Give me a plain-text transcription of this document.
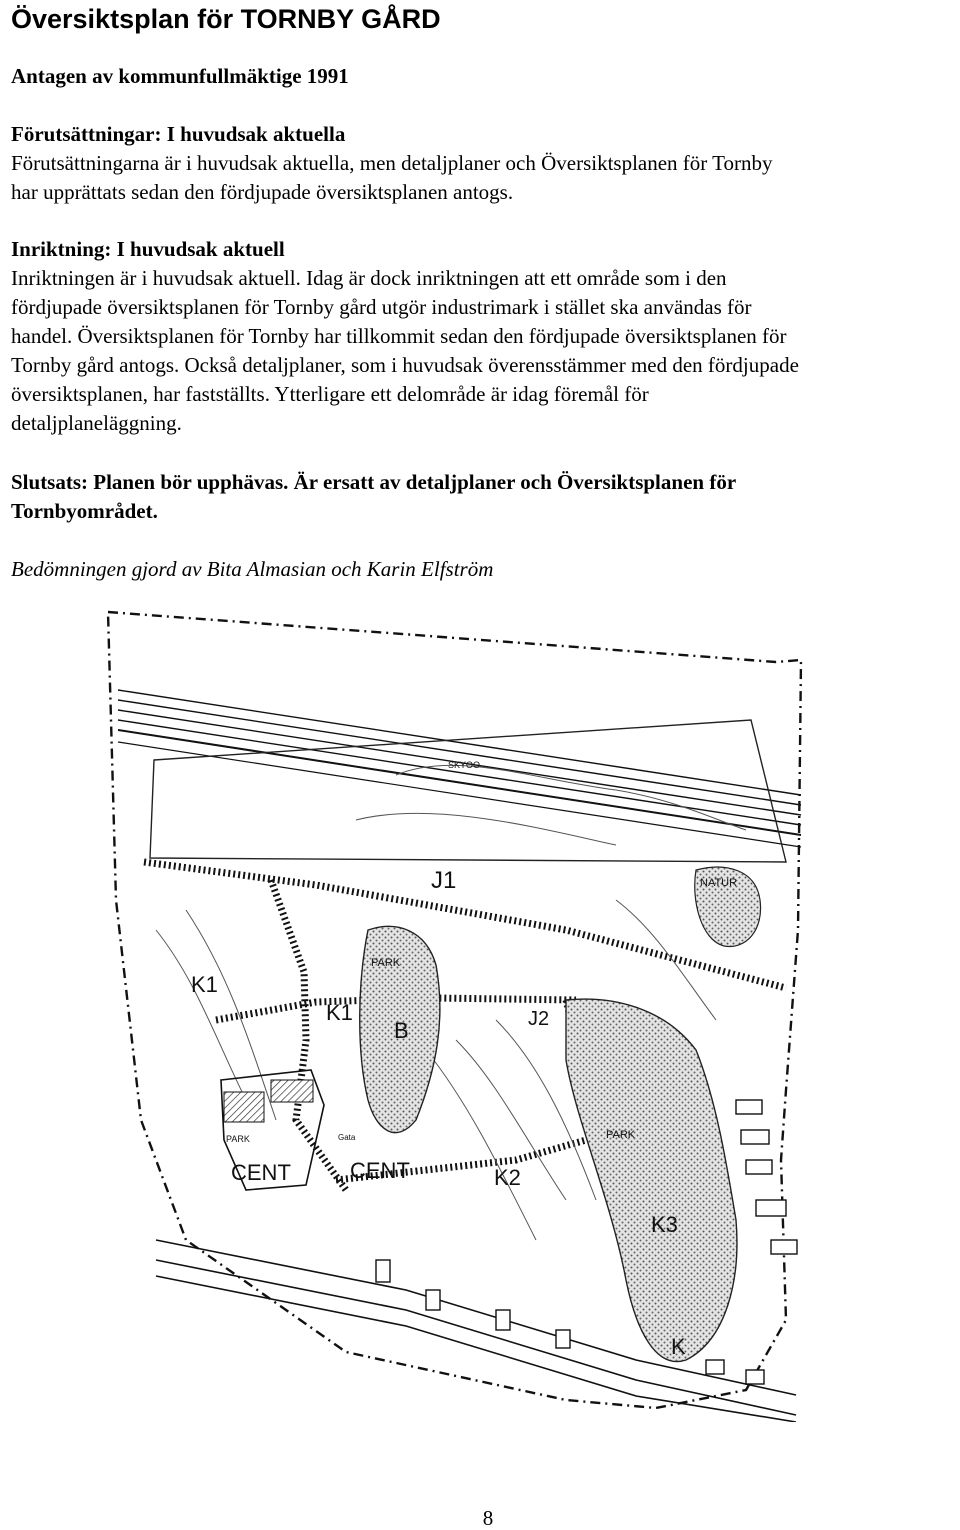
Översiktsplan för TORNBY GÅRD

Antagen av kommunfullmäktige 1991

Förutsättningar: I huvudsak aktuella
Förutsättningarna är i huvudsak aktuella, men detaljplaner och Översiktsplanen för Tornby
har upprättats sedan den fördjupade översiktsplanen antogs.
Inriktning: I huvudsak aktuell
Inriktningen är i huvudsak aktuell. Idag är dock inriktningen att ett område som i den
fördjupade översiktsplanen för Tornby gård utgör industrimark i stället ska användas för
handel. Översiktsplanen för Tornby har tillkommit sedan den fördjupade översiktsplanen för
Tornby gård antogs. Också detaljplaner, som i huvudsak överensstämmer med den fördjupade
översiktsplanen, har fastställts. Ytterligare ett delområde är idag föremål för
detaljplaneläggning.
Slutsats: Planen bör upphävas. Är ersatt av detaljplaner och Översiktsplanen för
Tornbyområdet.

Bedömningen gjord av Bita Almasian och Karin Elfström

SKYOO
J1
J2
PARK
PARK
NATUR
K1
K1
B
K2
K3
K
CENT	CENT
PARK	Gata
8
